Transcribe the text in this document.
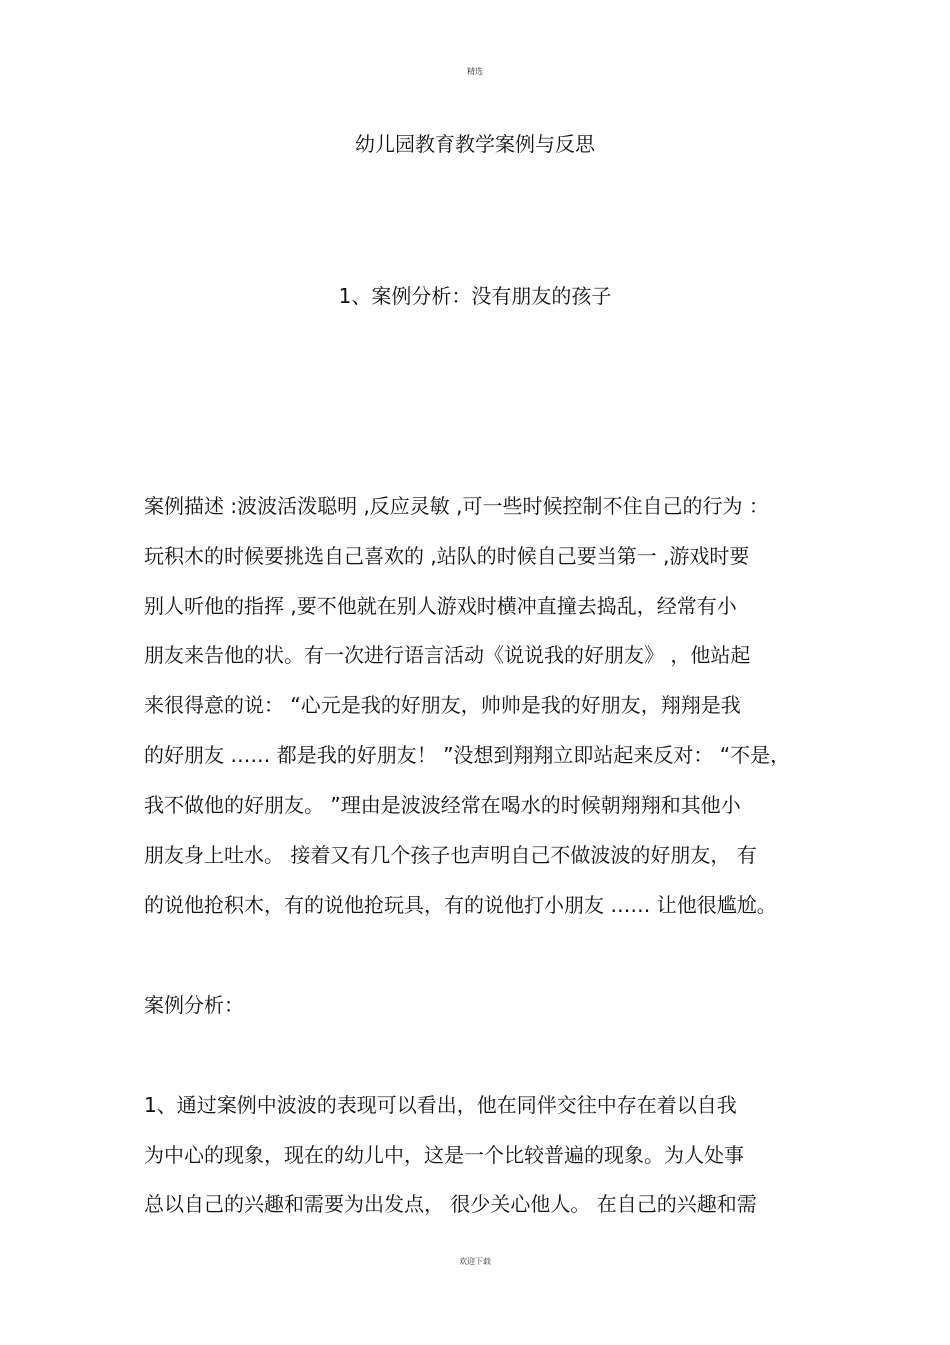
精选
幼儿园教育教学案例与反思
1、案例分析：没有朋友的孩子
案例描述 :波波活泼聪明 ,反应灵敏 ,可一些时候控制不住自己的行为 ：
玩积木的时候要挑选自己喜欢的 ,站队的时候自己要当第一 ,游戏时要
别人听他的指挥 ,要不他就在别人游戏时横冲直撞去捣乱，经常有小
朋友来告他的状。有一次进行语言活动《说说我的好朋友》 ，他站起
来很得意的说： “心元是我的好朋友，帅帅是我的好朋友，翔翔是我
的好朋友 …… 都是我的好朋友！ ”没想到翔翔立即站起来反对： “不是，
我不做他的好朋友。 ”理由是波波经常在喝水的时候朝翔翔和其他小
朋友身上吐水。 接着又有几个孩子也声明自己不做波波的好朋友， 有
的说他抢积木，有的说他抢玩具，有的说他打小朋友 …… 让他很尴尬。
案例分析：
1、通过案例中波波的表现可以看出，他在同伴交往中存在着以自我
为中心的现象，现在的幼儿中，这是一个比较普遍的现象。为人处事
总以自己的兴趣和需要为出发点， 很少关心他人。 在自己的兴趣和需
欢迎下载
